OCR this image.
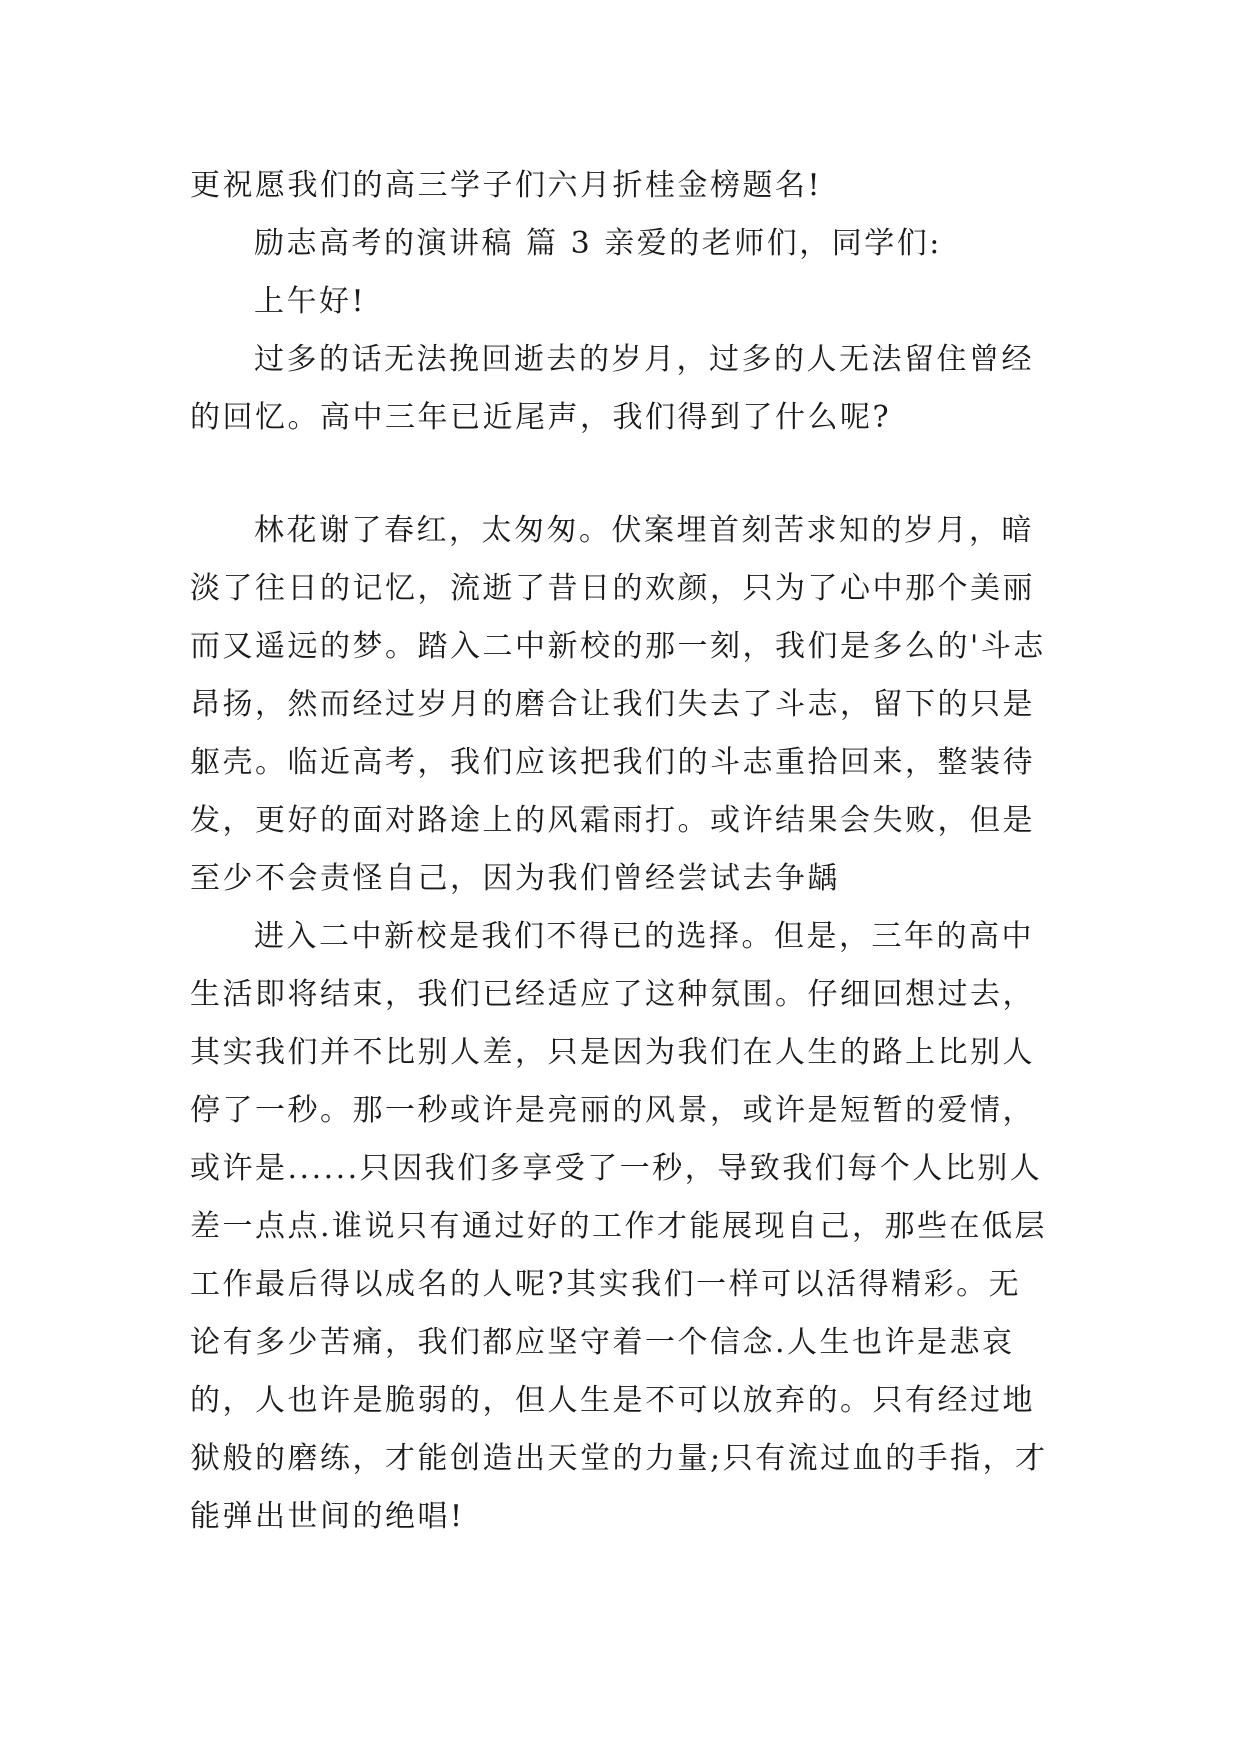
更祝愿我们的高三学子们六月折桂金榜题名!

励志高考的演讲稿 篇 3 亲爱的老师们，同学们:

上午好!

过多的话无法挽回逝去的岁月，过多的人无法留住曾经的回忆。高中三年已近尾声，我们得到了什么呢?

林花谢了春红，太匆匆。伏案埋首刻苦求知的岁月，暗淡了往日的记忆，流逝了昔日的欢颜，只为了心中那个美丽而又遥远的梦。踏入二中新校的那一刻，我们是多么的'斗志昂扬，然而经过岁月的磨合让我们失去了斗志，留下的只是躯壳。临近高考，我们应该把我们的斗志重拾回来，整装待发，更好的面对路途上的风霜雨打。或许结果会失败，但是至少不会责怪自己，因为我们曾经尝试去争龋

进入二中新校是我们不得已的选择。但是，三年的高中生活即将结束，我们已经适应了这种氛围。仔细回想过去，其实我们并不比别人差，只是因为我们在人生的路上比别人停了一秒。那一秒或许是亮丽的风景，或许是短暂的爱情，或许是......只因我们多享受了一秒，导致我们每个人比别人差一点点.谁说只有通过好的工作才能展现自己，那些在低层工作最后得以成名的人呢?其实我们一样可以活得精彩。无论有多少苦痛，我们都应坚守着一个信念.人生也许是悲哀的，人也许是脆弱的，但人生是不可以放弃的。只有经过地狱般的磨练，才能创造出天堂的力量;只有流过血的手指，才能弹出世间的绝唱!
